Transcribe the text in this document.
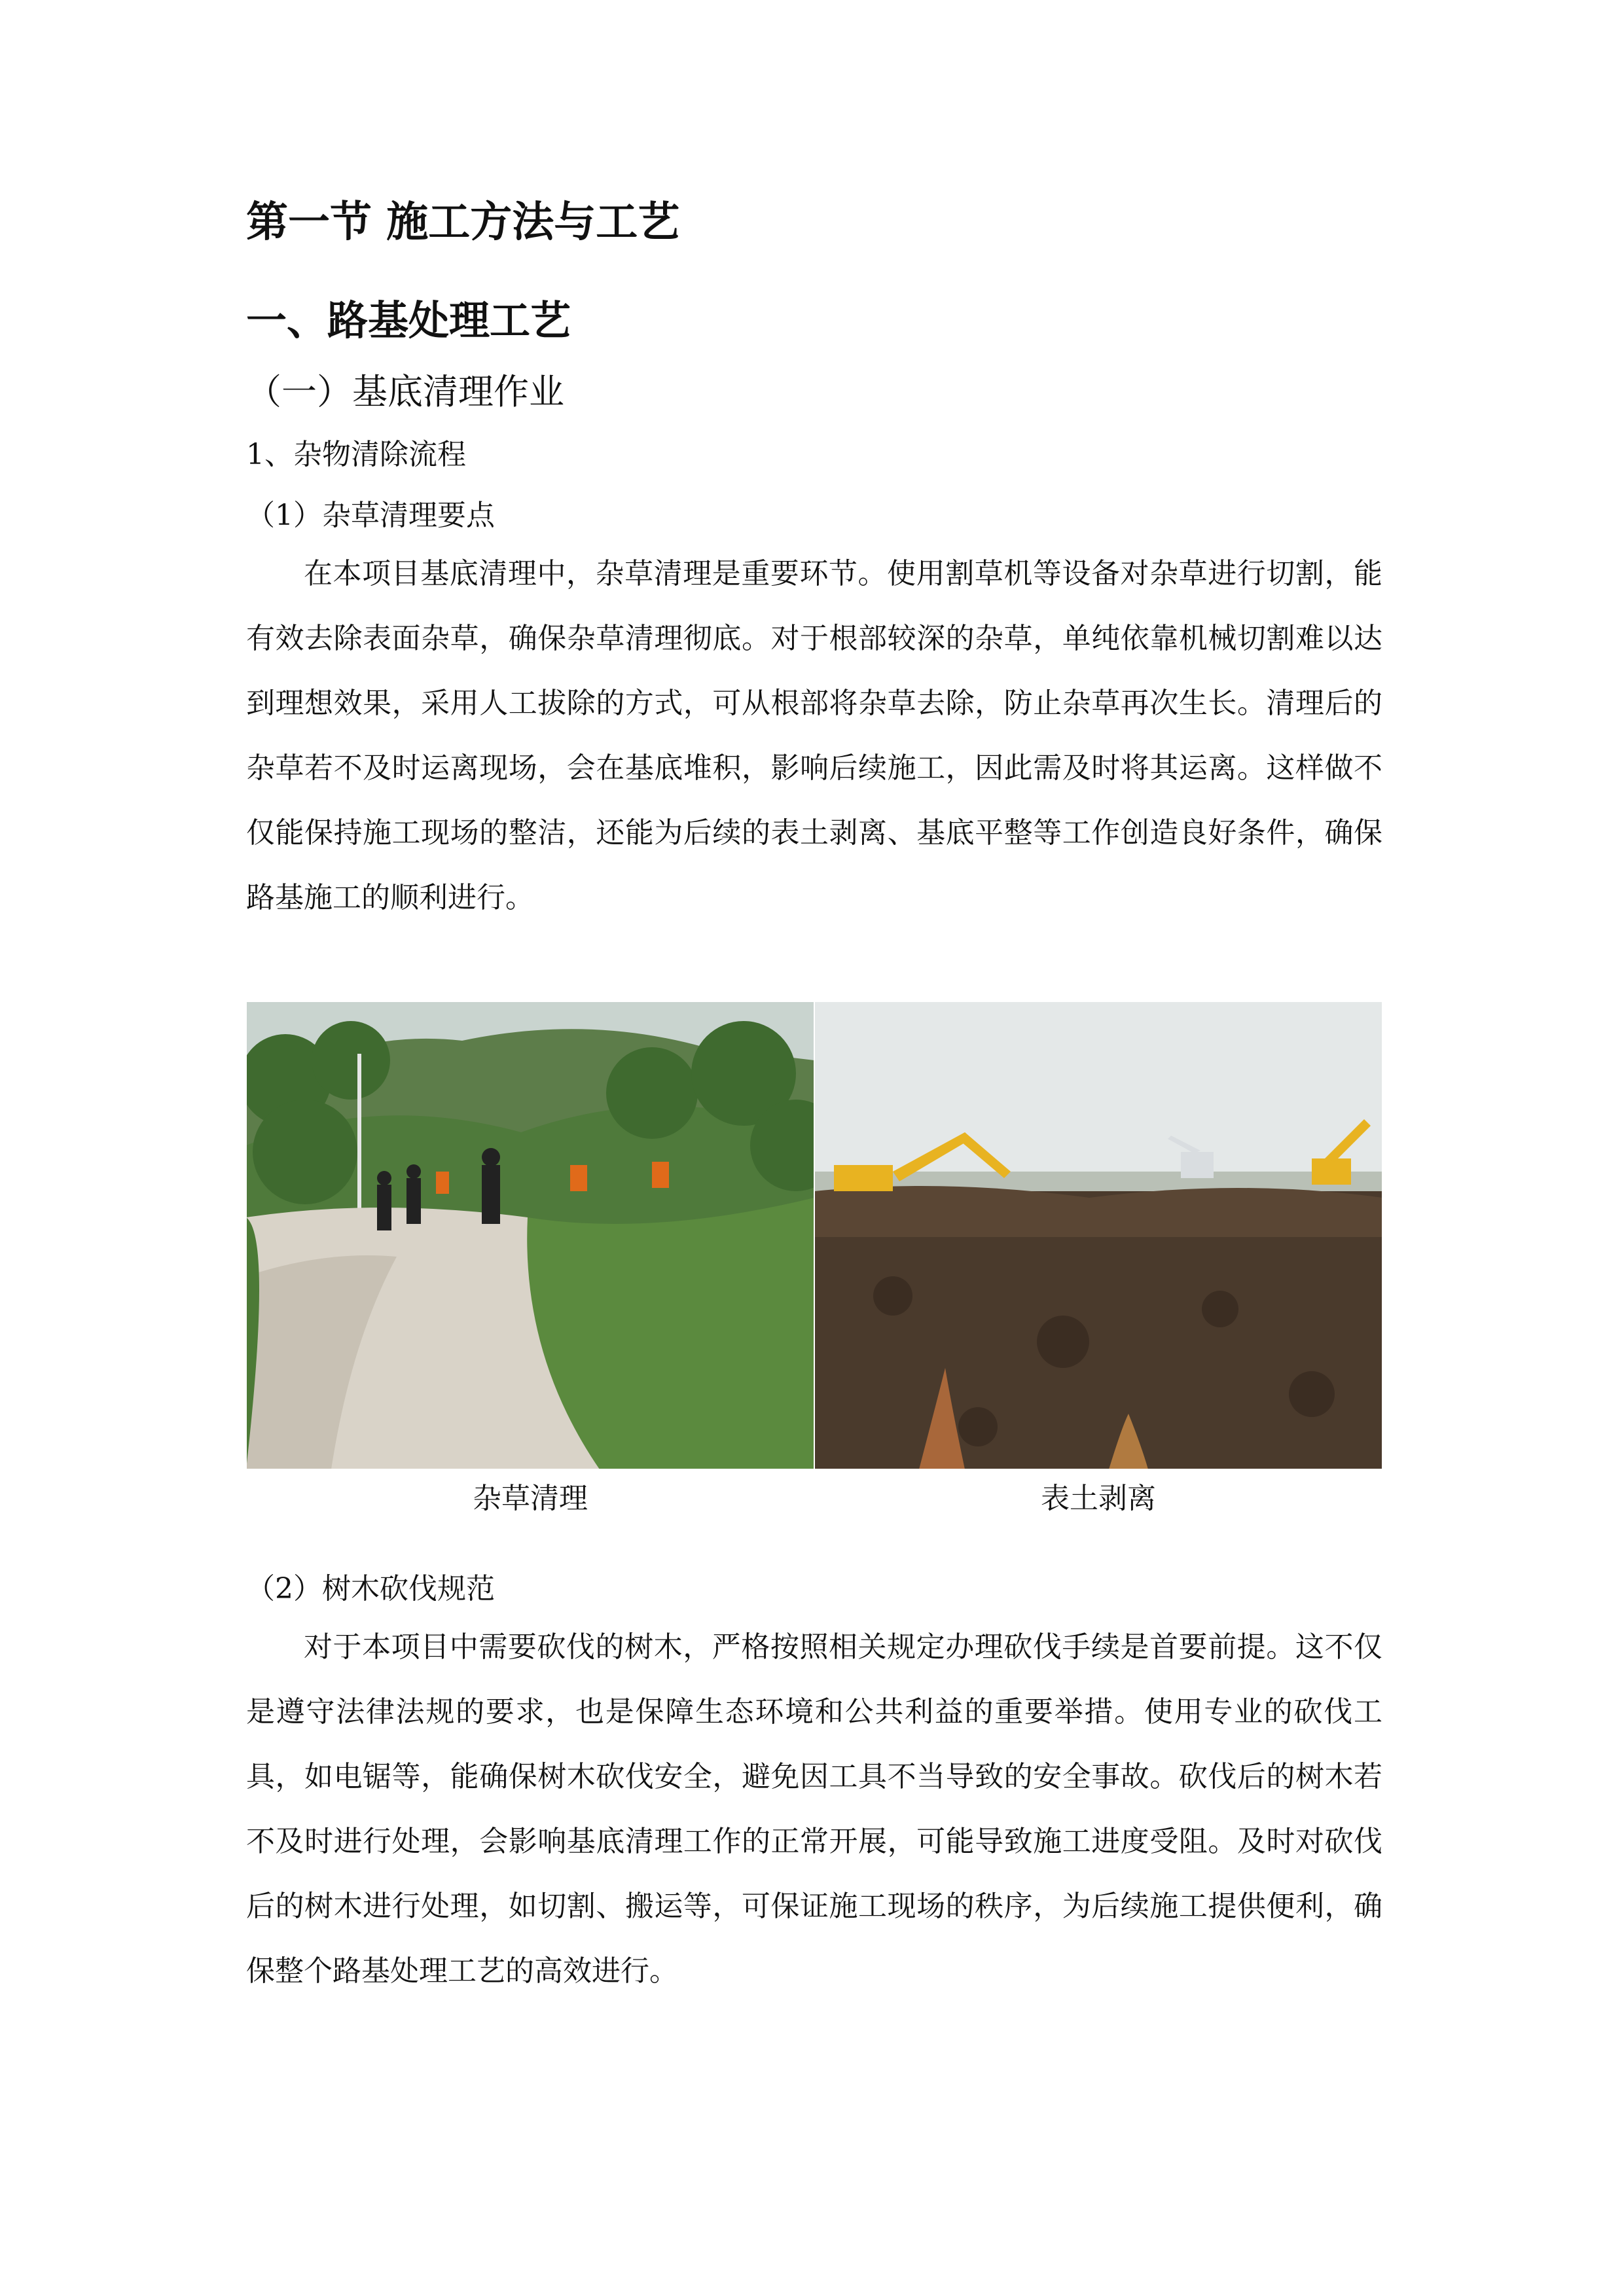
第一节 施工方法与工艺
一、路基处理工艺
（一）基底清理作业
1、杂物清除流程
（1）杂草清理要点
在本项目基底清理中，杂草清理是重要环节。使用割草机等设备对杂草进行切割，能有效去除表面杂草，确保杂草清理彻底。对于根部较深的杂草，单纯依靠机械切割难以达到理想效果，采用人工拔除的方式，可从根部将杂草去除，防止杂草再次生长。清理后的杂草若不及时运离现场，会在基底堆积，影响后续施工，因此需及时将其运离。这样做不仅能保持施工现场的整洁，还能为后续的表土剥离、基底平整等工作创造良好条件，确保路基施工的顺利进行。
杂草清理	表土剥离
（2）树木砍伐规范
对于本项目中需要砍伐的树木，严格按照相关规定办理砍伐手续是首要前提。这不仅是遵守法律法规的要求，也是保障生态环境和公共利益的重要举措。使用专业的砍伐工具，如电锯等，能确保树木砍伐安全，避免因工具不当导致的安全事故。砍伐后的树木若不及时进行处理，会影响基底清理工作的正常开展，可能导致施工进度受阻。及时对砍伐后的树木进行处理，如切割、搬运等，可保证施工现场的秩序，为后续施工提供便利，确保整个路基处理工艺的高效进行。
